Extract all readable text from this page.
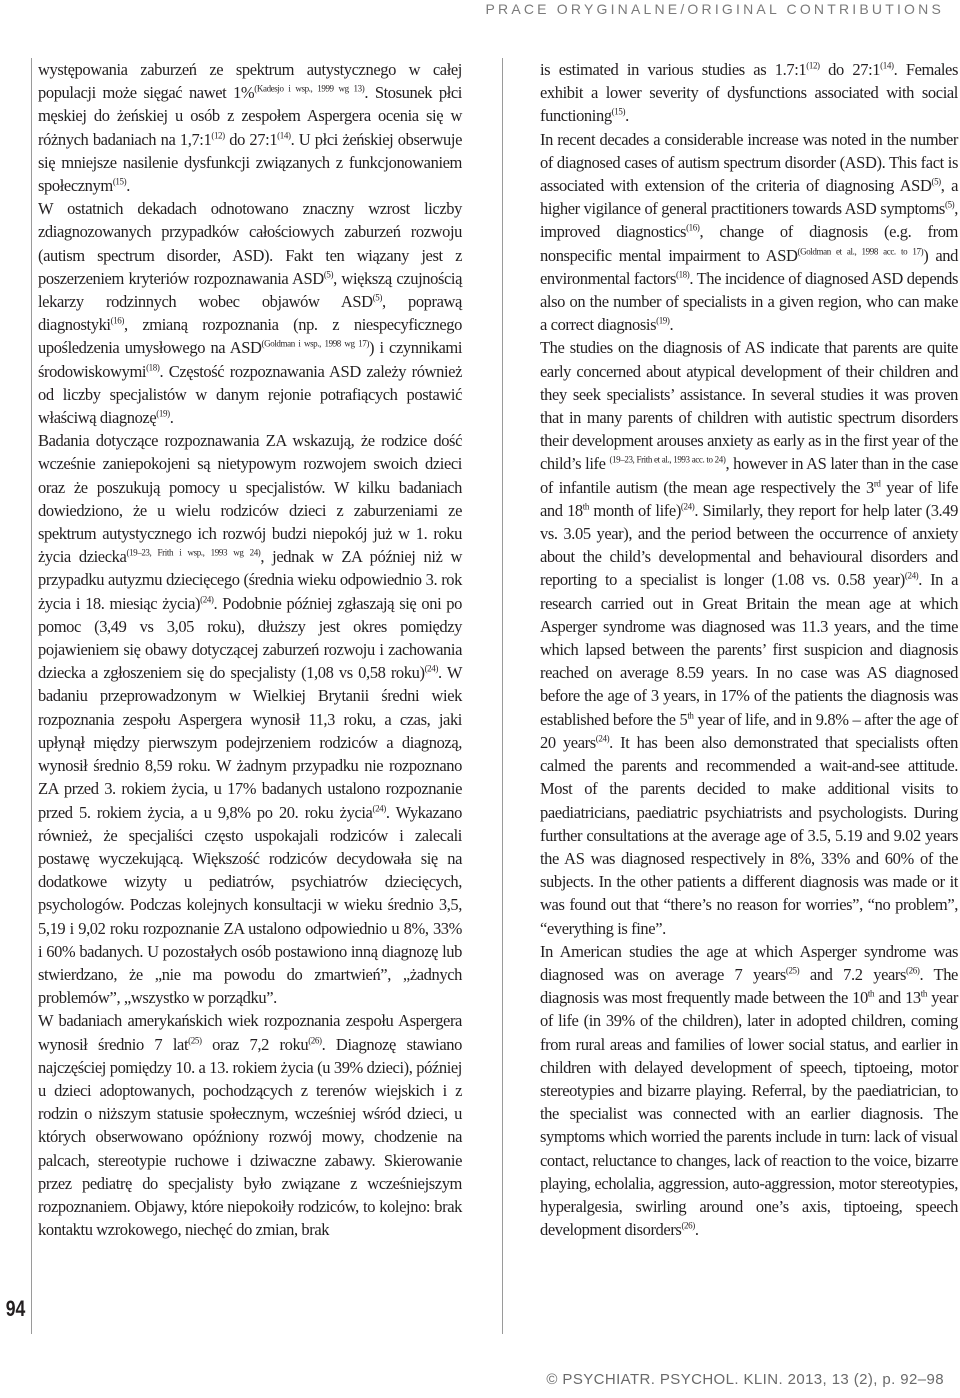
PRACE ORYGINALNE/ORIGINAL CONTRIBUTIONS
94

występowania zaburzeń ze spektrum autystycznego w całej populacji może sięgać nawet 1%$^{(Kadesjo i wsp., 1999 wg 13)}$. Stosunek płci męskiej do żeńskiej u osób z zespołem Aspergera ocenia się w różnych badaniach na 1,7:1$^{(12)}$ do 27:1$^{(14)}$. U płci żeńskiej obserwuje się mniejsze nasilenie dysfunkcji związanych z funkcjonowaniem społecznym$^{(15)}$.

W ostatnich dekadach odnotowano znaczny wzrost liczby zdiagnozowanych przypadków całościowych zaburzeń rozwoju (autism spectrum disorder, ASD). Fakt ten wiązany jest z poszerzeniem kryteriów rozpoznawania ASD$^{(5)}$, większą czujnością lekarzy rodzinnych wobec objawów ASD$^{(5)}$, poprawą diagnostyki$^{(16)}$, zmianą rozpoznania (np. z niespecyficznego upośledzenia umysłowego na $ASD^{(Goldman i wsp., 1998 wg 17)}$) i czynnikami środowiskowymi$^{(18)}$. Częstość rozpoznawania ASD zależy również od liczby specjalistów w danym rejonie potrafiących postawić właściwą diagnozę$^{(19)}$.

Badania dotyczące rozpoznawania ZA wskazują, że rodzice dość wcześnie zaniepokojeni są nietypowym rozwojem swoich dzieci oraz że poszukują pomocy u specjalistów. W kilku badaniach dowiedziono, że u wielu rodziców dzieci z zaburzeniami ze spektrum autystycznego ich rozwój budzi niepokój już w 1. roku życia dziecka$^{(19-23, Frith i wsp., 1993 wg 24)}$, jednak w ZA później niż w przypadku autyzmu dziecięcego (średnia wieku odpowiednio 3. rok życia i 18. miesiąc życia)$^{(24)}$. Podobnie później zgłaszają się oni po pomoc (3,49 vs 3,05 roku), dłuższy jest okres pomiędzy pojawieniem się obawy dotyczącej zaburzeń rozwoju i zachowania dziecka a zgłoszeniem się do specjalisty (1,08 vs 0,58 roku)$^{(24)}$. W badaniu przeprowadzonym w Wielkiej Brytanii średni wiek rozpoznania zespołu Aspergera wynosił 11,3 roku, a czas, jaki upłynął między pierwszym podejrzeniem rodziców a diagnozą, wynosił średnio 8,59 roku. W żadnym przypadku nie rozpoznano ZA przed 3. rokiem życia, u 17% badanych ustalono rozpoznanie przed 5. rokiem życia, a u 9,8% po 20. roku życia$^{(24)}$. Wykazano również, że specjaliści często uspokajali rodziców i zalecali postawę wyczekującą. Większość rodziców decydowała się na dodatkowe wizyty u pediatrów, psychiatrów dziecięcych, psychologów. Podczas kolejnych konsultacji w wieku średnio 3,5, 5,19 i 9,02 roku rozpoznanie ZA ustalono odpowiednio u 8%, 33% i 60% badanych. U pozostałych osób postawiono inną diagnozę lub stwierdzano, że „nie ma powodu do zmartwień”, „żadnych problemów”, „wszystko w porządku”.

W badaniach amerykańskich wiek rozpoznania zespołu Aspergera wynosił średnio 7 lat$^{(25)}$ oraz 7,2 roku$^{(26)}$. Diagnozę stawiano najczęściej pomiędzy 10. a 13. rokiem życia (u 39% dzieci), później u dzieci adoptowanych, pochodzących z terenów wiejskich i z rodzin o niższym statusie społecznym, wcześniej wśród dzieci, u których obserwowano opóźniony rozwój mowy, chodzenie na palcach, stereotypie ruchowe i dziwaczne zabawy. Skierowanie przez pediatrę do specjalisty było związane z wcześniejszym rozpoznaniem. Objawy, które niepokoiły rodziców, to kolejno: brak kontaktu wzrokowego, niechęć do zmian, brak

is estimated in various studies as 1.7:1$^{(12)}$ do 27:1$^{(14)}$. Females exhibit a lower severity of dysfunctions associated with social functioning$^{(15)}$.

In recent decades a considerable increase was noted in the number of diagnosed cases of autism spectrum disorder (ASD). This fact is associated with extension of the criteria of diagnosing ASD$^{(5)}$, a higher vigilance of general practitioners towards ASD symptoms$^{(5)}$, improved diagnostics$^{(16)}$, change of diagnosis (e.g. from nonspecific mental impairment to $ASD^{(Goldman et al., 1998 acc. to 17)}$) and environmental factors$^{(18)}$. The incidence of diagnosed ASD depends also on the number of specialists in a given region, who can make a correct diagnosis$^{(19)}$.

The studies on the diagnosis of AS indicate that parents are quite early concerned about atypical development of their children and they seek specialists’ assistance. In several studies it was proven that in many parents of children with autistic spectrum disorders their development arouses anxiety as early as in the first year of the child’s life $^{(19-23, Frith et al., 1993 acc. to 24)}$, however in AS later than in the case of infantile autism (the mean age respectively the 3rd year of life and 18th month of life)$^{(24)}$. Similarly, they report for help later (3.49 vs. 3.05 year), and the period between the occurrence of anxiety about the child’s developmental and behavioural disorders and reporting to a specialist is longer (1.08 vs. 0.58 year)$^{(24)}$. In a research carried out in Great Britain the mean age at which Asperger syndrome was diagnosed was 11.3 years, and the time which lapsed between the parents’ first suspicion and diagnosis reached on average 8.59 years. In no case was AS diagnosed before the age of 3 years, in 17% of the patients the diagnosis was established before the 5th year of life, and in 9.8% – after the age of 20 years$^{(24)}$. It has been also demonstrated that specialists often calmed the parents and recommended a wait-and-see attitude. Most of the parents decided to make additional visits to paediatricians, paediatric psychiatrists and psychologists. During further consultations at the average age of 3.5, 5.19 and 9.02 years the AS was diagnosed respectively in 8%, 33% and 60% of the subjects. In the other patients a different diagnosis was made or it was found out that “there’s no reason for worries”, “no problem”, “everything is fine”.

In American studies the age at which Asperger syndrome was diagnosed was on average 7 years$^{(25)}$ and 7.2 years$^{(26)}$. The diagnosis was most frequently made between the 10th and 13th year of life (in 39% of the children), later in adopted children, coming from rural areas and families of lower social status, and earlier in children with delayed development of speech, tiptoeing, motor stereotypies and bizarre playing. Referral, by the paediatrician, to the specialist was connected with an earlier diagnosis. The symptoms which worried the parents include in turn: lack of visual contact, reluctance to changes, lack of reaction to the voice, bizarre playing, echolalia, aggression, auto-aggression, motor stereotypies, hyperalgesia, swirling around one’s axis, tiptoeing, speech development disorders$^{(26)}$.

© PSYCHIATR. PSYCHOL. KLIN. 2013, 13 (2), p. 92–98
